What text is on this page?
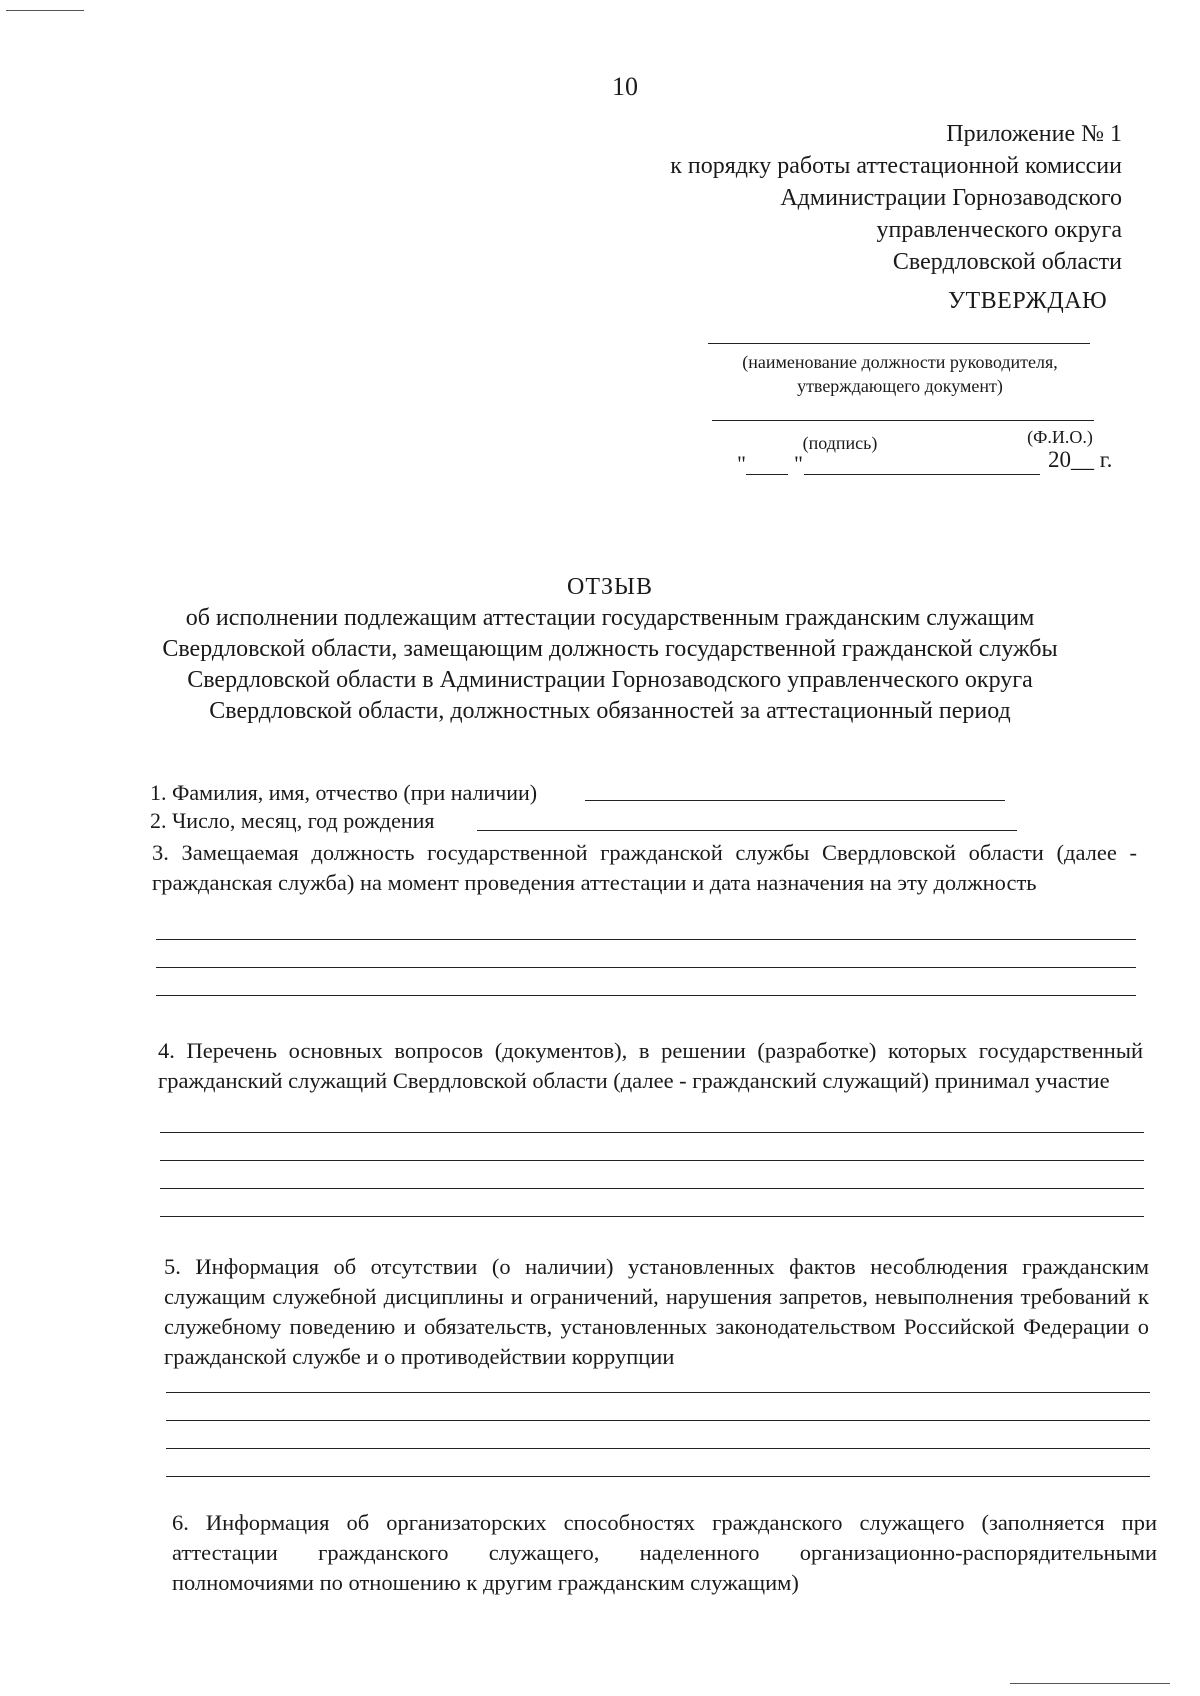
10
Приложение № 1
к порядку работы аттестационной комиссии
Администрации Горнозаводского
управленческого округа
Свердловской области
УТВЕРЖДАЮ
(наименование должности руководителя,
утверждающего документ)
(подпись)	(Ф.И.О.)
" "	20__ г.
ОТЗЫВ
об исполнении подлежащим аттестации государственным гражданским служащим
Свердловской области, замещающим должность государственной гражданской службы
Свердловской области в Администрации Горнозаводского управленческого округа
Свердловской области, должностных обязанностей за аттестационный период
1. Фамилия, имя, отчество (при наличии)
2. Число, месяц, год рождения
3. Замещаемая должность государственной гражданской службы Свердловской области (далее - гражданская служба) на момент проведения аттестации и дата назначения на эту должность
4. Перечень основных вопросов (документов), в решении (разработке) которых государственный гражданский служащий Свердловской области (далее - гражданский служащий) принимал участие
5. Информация об отсутствии (о наличии) установленных фактов несоблюдения гражданским служащим служебной дисциплины и ограничений, нарушения запретов, невыполнения требований к служебному поведению и обязательств, установленных законодательством Российской Федерации о гражданской службе и о противодействии коррупции
6. Информация об организаторских способностях гражданского служащего (заполняется при аттестации гражданского служащего, наделенного организационно-распорядительными полномочиями по отношению к другим гражданским служащим)
